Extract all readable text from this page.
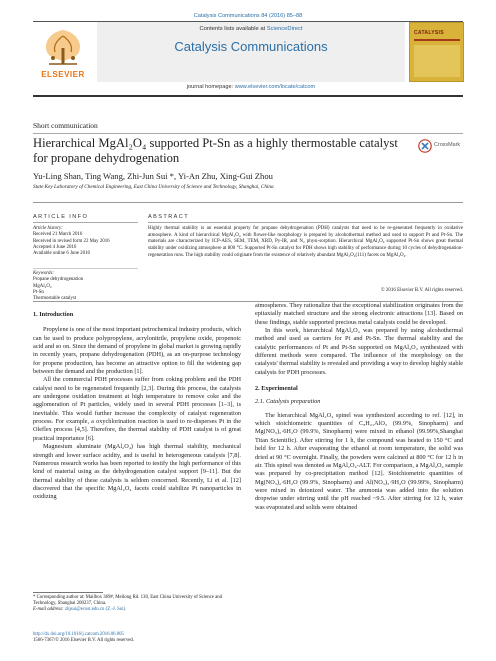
Catalysis Communications 84 (2016) 85–88
ELSEVIER
Contents lists available at ScienceDirect
Catalysis Communications
CATALYSIS
journal homepage: www.elsevier.com/locate/catcom
Short communication
Hierarchical MgAl₂O₄ supported Pt-Sn as a highly thermostable catalyst for propane dehydrogenation
CrossMark
Yu-Ling Shan, Ting Wang, Zhi-Jun Sui *, Yi-An Zhu, Xing-Gui Zhou
State Key Laboratory of Chemical Engineering, East China University of Science and Technology, Shanghai, China
ARTICLE INFO	ABSTRACT
Article history:
Received 21 March 2016
Received in revised form 22 May 2016
Accepted 4 June 2016
Available online 6 June 2016
Keywords:
Propane dehydrogenation
MgAl₂O₄
Pt-Sn
Thermostable catalyst
Highly thermal stability is an essential property for propane dehydrogenation (PDH) catalysts that need to be re-generated frequently in oxidative atmosphere. A kind of hierarchical MgAl₂O₄ with flower-like morphology is prepared by alcohothermal method and used to support Pt and Pt-Sn. The materials are characterized by ICP-AES, SEM, TEM, XRD, Py-IR, and N₂ physi-sorption. Hierarchical MgAl₂O₄ supported Pt-Sn shows great thermal stability under oxidizing atmosphere at 800 °C. Supported Pt-Sn catalyst for PDH shows high stability of performance during 10 cycles of dehydrogenation-regeneration runs. The high stability could originate from the existence of relatively abundant MgAl₂O₄(111) facets on MgAl₂O₄.
© 2016 Elsevier B.V. All rights reserved.
1. Introduction

Propylene is one of the most important petrochemical industry products, which can be used to produce polypropylene, acrylonitrile, propylene oxide, propenoic acid and so on. Since the demand of propylene in global market is growing rapidly in recently years, propane dehydrogenation (PDH), as an on-purpose technology for propene production, has become an attractive option to fill the widening gap between the demand and the production [1].

All the commercial PDH processes suffer from coking problem and the PDH catalyst need to be regenerated frequently [2,3]. During this process, the catalysts are undergone oxidation treatment at high temperature to remove coke and the agglomeration of Pt particles, widely used in several PDH processes [1–3], is inevitable. This would further increase the complexity of catalyst regeneration process. For example, a oxychlorination reaction is used to re-disperses Pt in the Oleflex process [4,5]. Therefore, the thermal stability of PDH catalyst is of great practical importance [6].

Magnesium aluminate (MgAl₂O₄) has high thermal stability, mechanical strength and lower surface acidity, and is useful in heterogeneous catalysis [7,8]. Numerous research works has been reported to testify the high performance of this kind of material using as the dehydrogenation catalyst support [9–11]. But the thermal stability of these catalysts is seldom concerned. Recently, Li et al. [12] discovered that the specific MgAl₂O₄ facets could stabilize Pt nanoparticles in oxidizing

atmospheres. They rationalize that the exceptional stabilization originates from the epitaxially matched structure and the strong electronic attractions [13]. Based on these findings, stable supported precious metal catalysts could be developed.

In this work, hierarchical MgAl₂O₄ was prepared by using alcohothermal method and used as carriers for Pt and Pt-Sn. The thermal stability and the catalytic performances of Pt and Pt-Sn supported on MgAl₂O₄ synthesized with different methods were compared. The influence of the morphology on the catalysts' thermal stability is revealed and providing a way to develop highly stable catalysts for PDH processes.

2. Experimental
2.1. Catalysts preparation

The hierarchical MgAl₂O₄ spinel was synthesized according to ref. [12], in which stoichiometric quantities of C₉H₂₁AlO₃ (99.9%, Sinopharm) and Mg(NO₃)₂·6H₂O (99.9%, Sinopharm) were mixed in ethanol (99.99%,Shanghai Titan Scientific). After stirring for 1 h, the compound was heated to 150 °C and held for 12 h. After evaporating the ethanol at room temperature, the solid was dried at 90 °C overnight. Finally, the powders were calcined at 800 °C for 12 h in air. This spinel was denoted as MgAl₂O₄-ALT. For comparison, a MgAl₂O₄ sample was prepared by co-precipitation method [12]. Stoichiometric quantities of Mg(NO₃)₂·6H₂O (99.9%, Sinopharm) and Al(NO₃)₃·9H₂O (99.99%, Sinopharm) were mixed in deionized water. The ammonia was added into the solution dropwise under stirring until the pH reached ~9.5. After stirring for 12 h, water was evaporated and solids were obtained

* Corresponding author at: Mailbox 369#, Meilong Rd. 130, East China University of Science and Technology, Shanghai 200237, China.
E-mail address: zhjsui@ecust.edu.cn (Z.-J. Sui).
http://dx.doi.org/10.1016/j.catcom.2016.06.005
1566-7367/© 2016 Elsevier B.V. All rights reserved.
